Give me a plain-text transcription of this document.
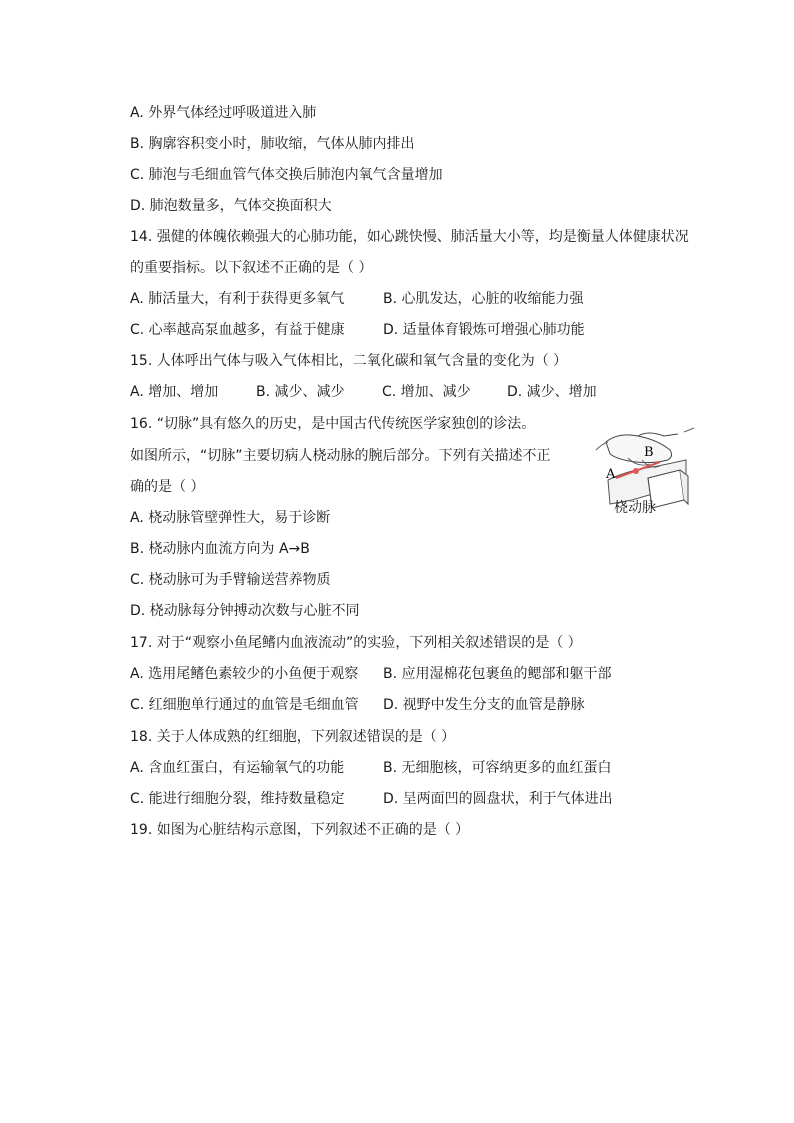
A. 外界气体经过呼吸道进入肺
B. 胸廓容积变小时，肺收缩，气体从肺内排出
C. 肺泡与毛细血管气体交换后肺泡内氧气含量增加
D. 肺泡数量多，气体交换面积大
14. 强健的体魄依赖强大的心肺功能，如心跳快慢、肺活量大小等，均是衡量人体健康状况
的重要指标。以下叙述不正确的是（ ）
A. 肺活量大，有利于获得更多氧气	B. 心肌发达，心脏的收缩能力强
C. 心率越高泵血越多，有益于健康	D. 适量体育锻炼可增强心肺功能
15. 人体呼出气体与吸入气体相比，二氧化碳和氧气含量的变化为（ ）
A. 增加、增加	B. 减少、减少	C. 增加、减少	D. 减少、增加
16. “切脉”具有悠久的历史，是中国古代传统医学家独创的诊法。
如图所示，“切脉”主要切病人桡动脉的腕后部分。下列有关描述不正
确的是（ ）
A. 桡动脉管壁弹性大，易于诊断
B. 桡动脉内血流方向为 A→B
C. 桡动脉可为手臂输送营养物质
D. 桡动脉每分钟搏动次数与心脏不同
A
B
桡动脉
17. 对于“观察小鱼尾鳍内血液流动”的实验，下列相关叙述错误的是（ ）
A. 选用尾鳍色素较少的小鱼便于观察 B. 应用湿棉花包裹鱼的鳃部和躯干部
C. 红细胞单行通过的血管是毛细血管 D. 视野中发生分支的血管是静脉
18. 关于人体成熟的红细胞，下列叙述错误的是（ ）
A. 含血红蛋白，有运输氧气的功能	B. 无细胞核，可容纳更多的血红蛋白
C. 能进行细胞分裂，维持数量稳定	D. 呈两面凹的圆盘状，利于气体进出
19. 如图为心脏结构示意图，下列叙述不正确的是（ ）
